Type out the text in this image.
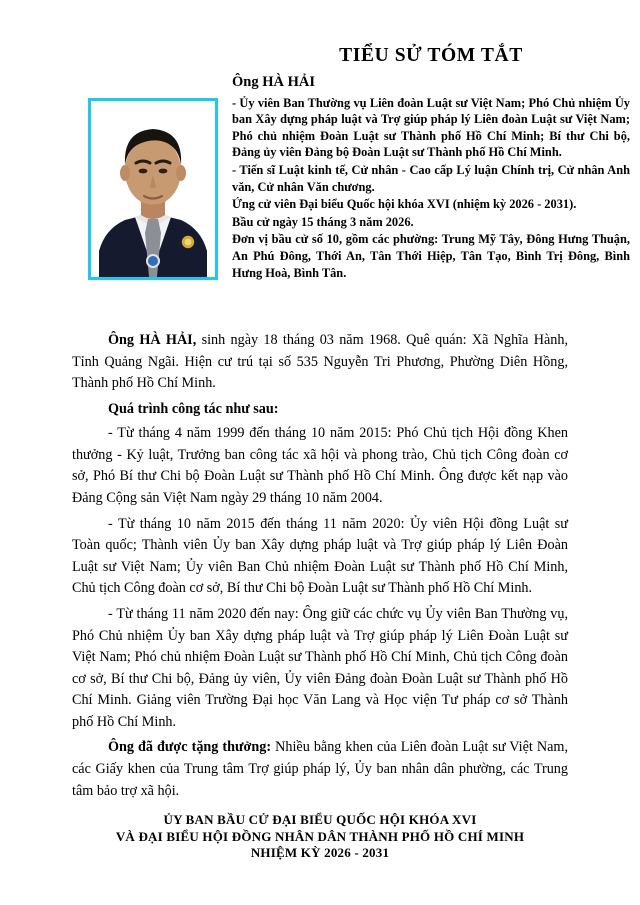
TIỂU SỬ TÓM TẮT
Ông HÀ HẢI

- Ủy viên Ban Thường vụ Liên đoàn Luật sư Việt Nam; Phó Chủ nhiệm Ủy ban Xây dựng pháp luật và Trợ giúp pháp lý Liên đoàn Luật sư Việt Nam; Phó chủ nhiệm Đoàn Luật sư Thành phố Hồ Chí Minh; Bí thư Chi bộ, Đảng ủy viên Đảng bộ Đoàn Luật sư Thành phố Hồ Chí Minh.

- Tiến sĩ Luật kinh tế, Cử nhân - Cao cấp Lý luận Chính trị, Cử nhân Anh văn, Cử nhân Văn chương.

Ứng cử viên Đại biểu Quốc hội khóa XVI (nhiệm kỳ 2026 - 2031).

Bầu cử ngày 15 tháng 3 năm 2026.

Đơn vị bầu cử số 10, gồm các phường: Trung Mỹ Tây, Đông Hưng Thuận, An Phú Đông, Thới An, Tân Thới Hiệp, Tân Tạo, Bình Trị Đông, Bình Hưng Hoà, Bình Tân.

Ông HÀ HẢI, sinh ngày 18 tháng 03 năm 1968. Quê quán: Xã Nghĩa Hành, Tỉnh Quảng Ngãi. Hiện cư trú tại số 535 Nguyễn Tri Phương, Phường Diên Hồng, Thành phố Hồ Chí Minh.

Quá trình công tác như sau:

- Từ tháng 4 năm 1999 đến tháng 10 năm 2015: Phó Chủ tịch Hội đồng Khen thưởng - Kỷ luật, Trưởng ban công tác xã hội và phong trào, Chủ tịch Công đoàn cơ sở, Phó Bí thư Chi bộ Đoàn Luật sư Thành phố Hồ Chí Minh. Ông được kết nạp vào Đảng Cộng sản Việt Nam ngày 29 tháng 10 năm 2004.

- Từ tháng 10 năm 2015 đến tháng 11 năm 2020: Ủy viên Hội đồng Luật sư Toàn quốc; Thành viên Ủy ban Xây dựng pháp luật và Trợ giúp pháp lý Liên Đoàn Luật sư Việt Nam; Ủy viên Ban Chủ nhiệm Đoàn Luật sư Thành phố Hồ Chí Minh, Chủ tịch Công đoàn cơ sở, Bí thư Chi bộ Đoàn Luật sư Thành phố Hồ Chí Minh.

- Từ tháng 11 năm 2020 đến nay: Ông giữ các chức vụ Ủy viên Ban Thường vụ, Phó Chủ nhiệm Ủy ban Xây dựng pháp luật và Trợ giúp pháp lý Liên Đoàn Luật sư Việt Nam; Phó chủ nhiệm Đoàn Luật sư Thành phố Hồ Chí Minh, Chủ tịch Công đoàn cơ sở, Bí thư Chi bộ, Đảng ủy viên, Ủy viên Đảng đoàn Đoàn Luật sư Thành phố Hồ Chí Minh. Giảng viên Trường Đại học Văn Lang và Học viện Tư pháp cơ sở Thành phố Hồ Chí Minh.

Ông đã được tặng thưởng: Nhiều bằng khen của Liên đoàn Luật sư Việt Nam, các Giấy khen của Trung tâm Trợ giúp pháp lý, Ủy ban nhân dân phường, các Trung tâm bảo trợ xã hội.

ỦY BAN BẦU CỬ ĐẠI BIỂU QUỐC HỘI KHÓA XVI

VÀ ĐẠI BIỂU HỘI ĐỒNG NHÂN DÂN THÀNH PHỐ HỒ CHÍ MINH

NHIỆM KỲ 2026 - 2031
